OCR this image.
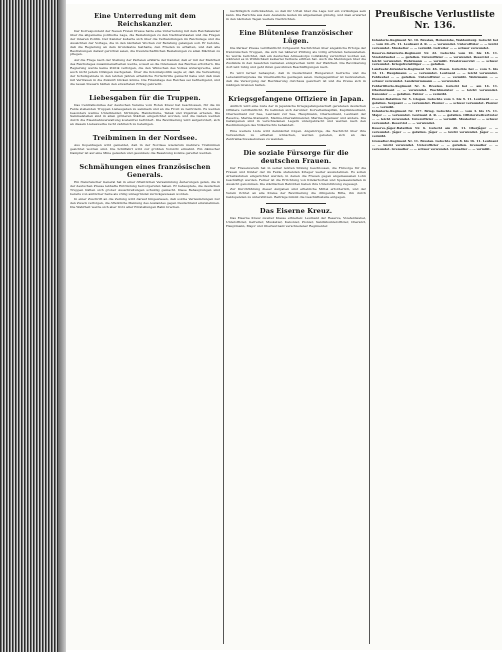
Eine Unterredung mit dem Reichskanzler.

Der Korrespondent der Neuen Freien Presse hatte eine Unterredung mit dem Reichskanzler über die allgemeine politische Lage, die Beziehungen zu den Nachbarstaaten und die Fragen der inneren Politik. Der Kanzler äußerte sich über die Verhandlungen im Reichstage und die Aussichten der Vorlage, die in den nächsten Wochen zur Beratung gelangen soll. Er betonte, daß die Regierung an dem Grundsatze festhalte, den Frieden zu erhalten, und daß alle Bestrebungen darauf gerichtet seien, die freundschaftlichen Beziehungen zu allen Mächten zu pflegen.

Auf die Frage nach der Stellung der Parteien erklärte der Kanzler, daß er mit der Mehrheit des Reichstages zusammenarbeiten werde, soweit es die Interessen des Reiches erfordern. Die Regierung werde keine Politik verfolgen, die den Wünschen des Volkes widerspreche, aber auch nicht jedem Drängen nachgeben. Über die Kolonialpolitik sagte er, daß die Verwaltung der Schutzgebiete in den letzten Jahren erhebliche Fortschritte gemacht habe und daß man mit Vertrauen in die Zukunft blicken könne. Die Finanzlage des Reiches sei befriedigend, und die neuen Steuern hätten den erwarteten Ertrag gebracht.

Liebesgaben für die Truppen.

Das Centralkomitee der deutschen Vereine vom Roten Kreuz hat beschlossen, für die im Felde stehenden Truppen Liebesgaben zu sammeln und an die Front zu befördern. Es werden besonders warme Unterkleider, Strümpfe, Handschuhe, Tabak und Zigarren erbeten. Die Sammelstellen sind in allen größeren Städten eingerichtet worden, und die Gaben werden durch die Eisenbahnverwaltung kostenfrei befördert. Die Bevölkerung wird aufgefordert, sich an diesem Liebeswerke recht zahlreich zu beteiligen.

Treibminen in der Nordsee.

Aus Kopenhagen wird gemeldet, daß in der Nordsee wiederum mehrere Treibminen gesichtet worden sind. Die Schiffahrt wird zur größten Vorsicht ermahnt. Ein dänischer Dampfer ist auf eine Mine gelaufen und gesunken; die Besatzung konnte gerettet werden.

Schmähungen eines französischen Generals.

Ein französischer General hat in einer öffentlichen Versammlung Äußerungen getan, die in der deutschen Presse lebhafte Entrüstung hervorgerufen haben. Er behauptete, die deutschen Truppen hätten sich grober Ausschreitungen schuldig gemacht. Diese Behauptungen sind bereits von amtlicher Seite als völlig unbegründet zurückgewiesen worden.

In einer Zuschrift an die Zeitung wird darauf hingewiesen, daß solche Verleumdungen nur den Zweck verfolgen, die öffentliche Meinung des Auslandes gegen Deutschland einzunehmen. Die Wahrheit werde sich aber trotz aller Entstellungen Bahn brechen.

nachträglich zurückkehren, so daß ihr Urteil über die Lage nur ein vorläufiges sein kann. Die Berichte aus dem Auslande lauten im allgemeinen günstig, und man erwartet in den nächsten Tagen weitere Nachrichten.

Eine Blütenlese französischer Lügen.

Die Pariser Presse veröffentlicht fortgesetzt Nachrichten über angebliche Erfolge der französischen Truppen, die sich bei näherer Prüfung als völlig erfunden herausstellen. So wurde berichtet, daß ein deutsches Armeekorps vollständig vernichtet worden sei, während es in Wirklichkeit keinerlei Verluste erlitten hat. Auch die Meldungen über die Zustände in den besetzten Gebieten entsprechen nicht der Wahrheit. Die Bevölkerung dort lebt ruhig und geht ihren gewohnten Beschäftigungen nach.

Es wird ferner behauptet, daß in Deutschland Hungersnot herrsche und die Lebensmittelpreise ins Unermeßliche gestiegen seien. Demgegenüber ist festzustellen, daß die Versorgung der Bevölkerung durchaus gesichert ist und die Preise sich in mäßigen Grenzen halten.

Kriegsgefangene Offiziere in Japan.

Amtlich wird eine Liste der in japanische Kriegsgefangenschaft geratenen deutschen Offiziere veröffentlicht. Es befinden sich darunter: Korvettenkapitän, Kapitänleutnant, Oberleutnant zur See, Leutnant zur See, Hauptmann, Oberleutnant, Leutnant der Reserve, Marine-Stabsarzt, Marine-Oberzahlmeister, Marine-Ingenieur und andere. Die Gefangenen sind in verschiedenen Lagern untergebracht und werden nach den Bestimmungen des Völkerrechts behandelt.

Eine weitere Liste wird demnächst folgen. Angehörige, die Nachricht über ihre Verwandten zu erhalten wünschen, werden gebeten, sich an das Zentralnachweisebureau zu wenden.

Die soziale Fürsorge für die deutschen Frauen.

Der Frauenverein hat in seiner letzten Sitzung beschlossen, die Fürsorge für die Frauen und Kinder der im Felde stehenden Krieger weiter auszudehnen. Es sollen Arbeitsstuben eingerichtet werden, in denen die Frauen gegen angemessenen Lohn beschäftigt werden. Ferner ist die Errichtung von Kinderhorten und Speiseanstalten in Aussicht genommen. Die städtischen Behörden haben ihre Unterstützung zugesagt.

Zur Durchführung dieser Aufgaben sind erhebliche Mittel erforderlich, und der Verein richtet an alle Kreise der Bevölkerung die dringende Bitte, ihn durch Geldspenden zu unterstützen. Beiträge nimmt die Geschäftsstelle entgegen.

Das Eiserne Kreuz.

Das Eiserne Kreuz zweiter Klasse erhielten: Leutnant der Reserve, Vizefeldwebel, Unteroffizier, Gefreiter, Musketier, Kanonier, Pionier, Sanitätsunteroffizier, Oberarzt, Hauptmann, Major und Oberleutnant verschiedener Regimenter.

Preußische Verlustliste Nr. 136.

Infanterie-Regiment Nr. 10. Breslau, Hohenlohe, Waldenburg. Gefecht bei ... vom 20.-25. 11. Leutnant d. R. ... — verwundet. Unteroffizier ... — leicht verwundet. Musketier ... — vermißt. Gefreiter ... — schwer verwundet.

Reserve-Infanterie-Regiment Nr. 22. Gefechte vom 10. bis 18. 11. Vizefeldwebel ... — gefallen. Unteroffizier ... — verwundet. Reservist ... — leicht verwundet. Wehrmann ... — vermißt. Ersatzreservist ... — schwer verwundet. Kriegsfreiwilliger ... — gefallen.

Landwehr-Infanterie-Regiment Nr. 46. Posen. Gefechte bei ... vom 5. bis 12. 11. Hauptmann ... — verwundet. Leutnant ... — leicht verwundet. Feldwebel ... — gefallen. Unteroffizier ... — vermißt. Wehrmann ... — schwer verwundet. Landsturmmann ... — verwundet.

Feldartillerie-Regiment Nr. 6. Breslau. Gefecht bei ... am 14. 11. Oberleutnant ... — verwundet. Wachtmeister ... — leicht verwundet. Kanonier ... — gefallen. Fahrer ... — vermißt.

Pionier-Bataillon Nr. 5. Glogau. Gefechte vom 1. bis 9. 11. Leutnant ... — gefallen. Sergeant ... — verwundet. Pionier ... — schwer verwundet. Pionier ... — vermißt.

Infanterie-Regiment Nr. 157. Brieg. Gefechte bei ... vom 3. bis 15. 11. Major ... — verwundet. Leutnant d. R. ... — gefallen. Offizierstellvertreter ... — leicht verwundet. Unteroffizier ... — vermißt. Musketier ... — schwer verwundet. Reservist ... — verwundet.

Reserve-Jäger-Bataillon Nr. 6. Gefecht am 20. 11. Oberjäger ... — verwundet. Jäger ... — gefallen. Jäger ... — leicht verwundet. Jäger ... — vermißt.

Grenadier-Regiment Nr. 11. Breslau. Gefechte vom 8. bis 16. 11. Leutnant ... — leicht verwundet. Unteroffizier ... — gefallen. Grenadier ... — verwundet. Grenadier ... — schwer verwundet. Grenadier ... — vermißt.
